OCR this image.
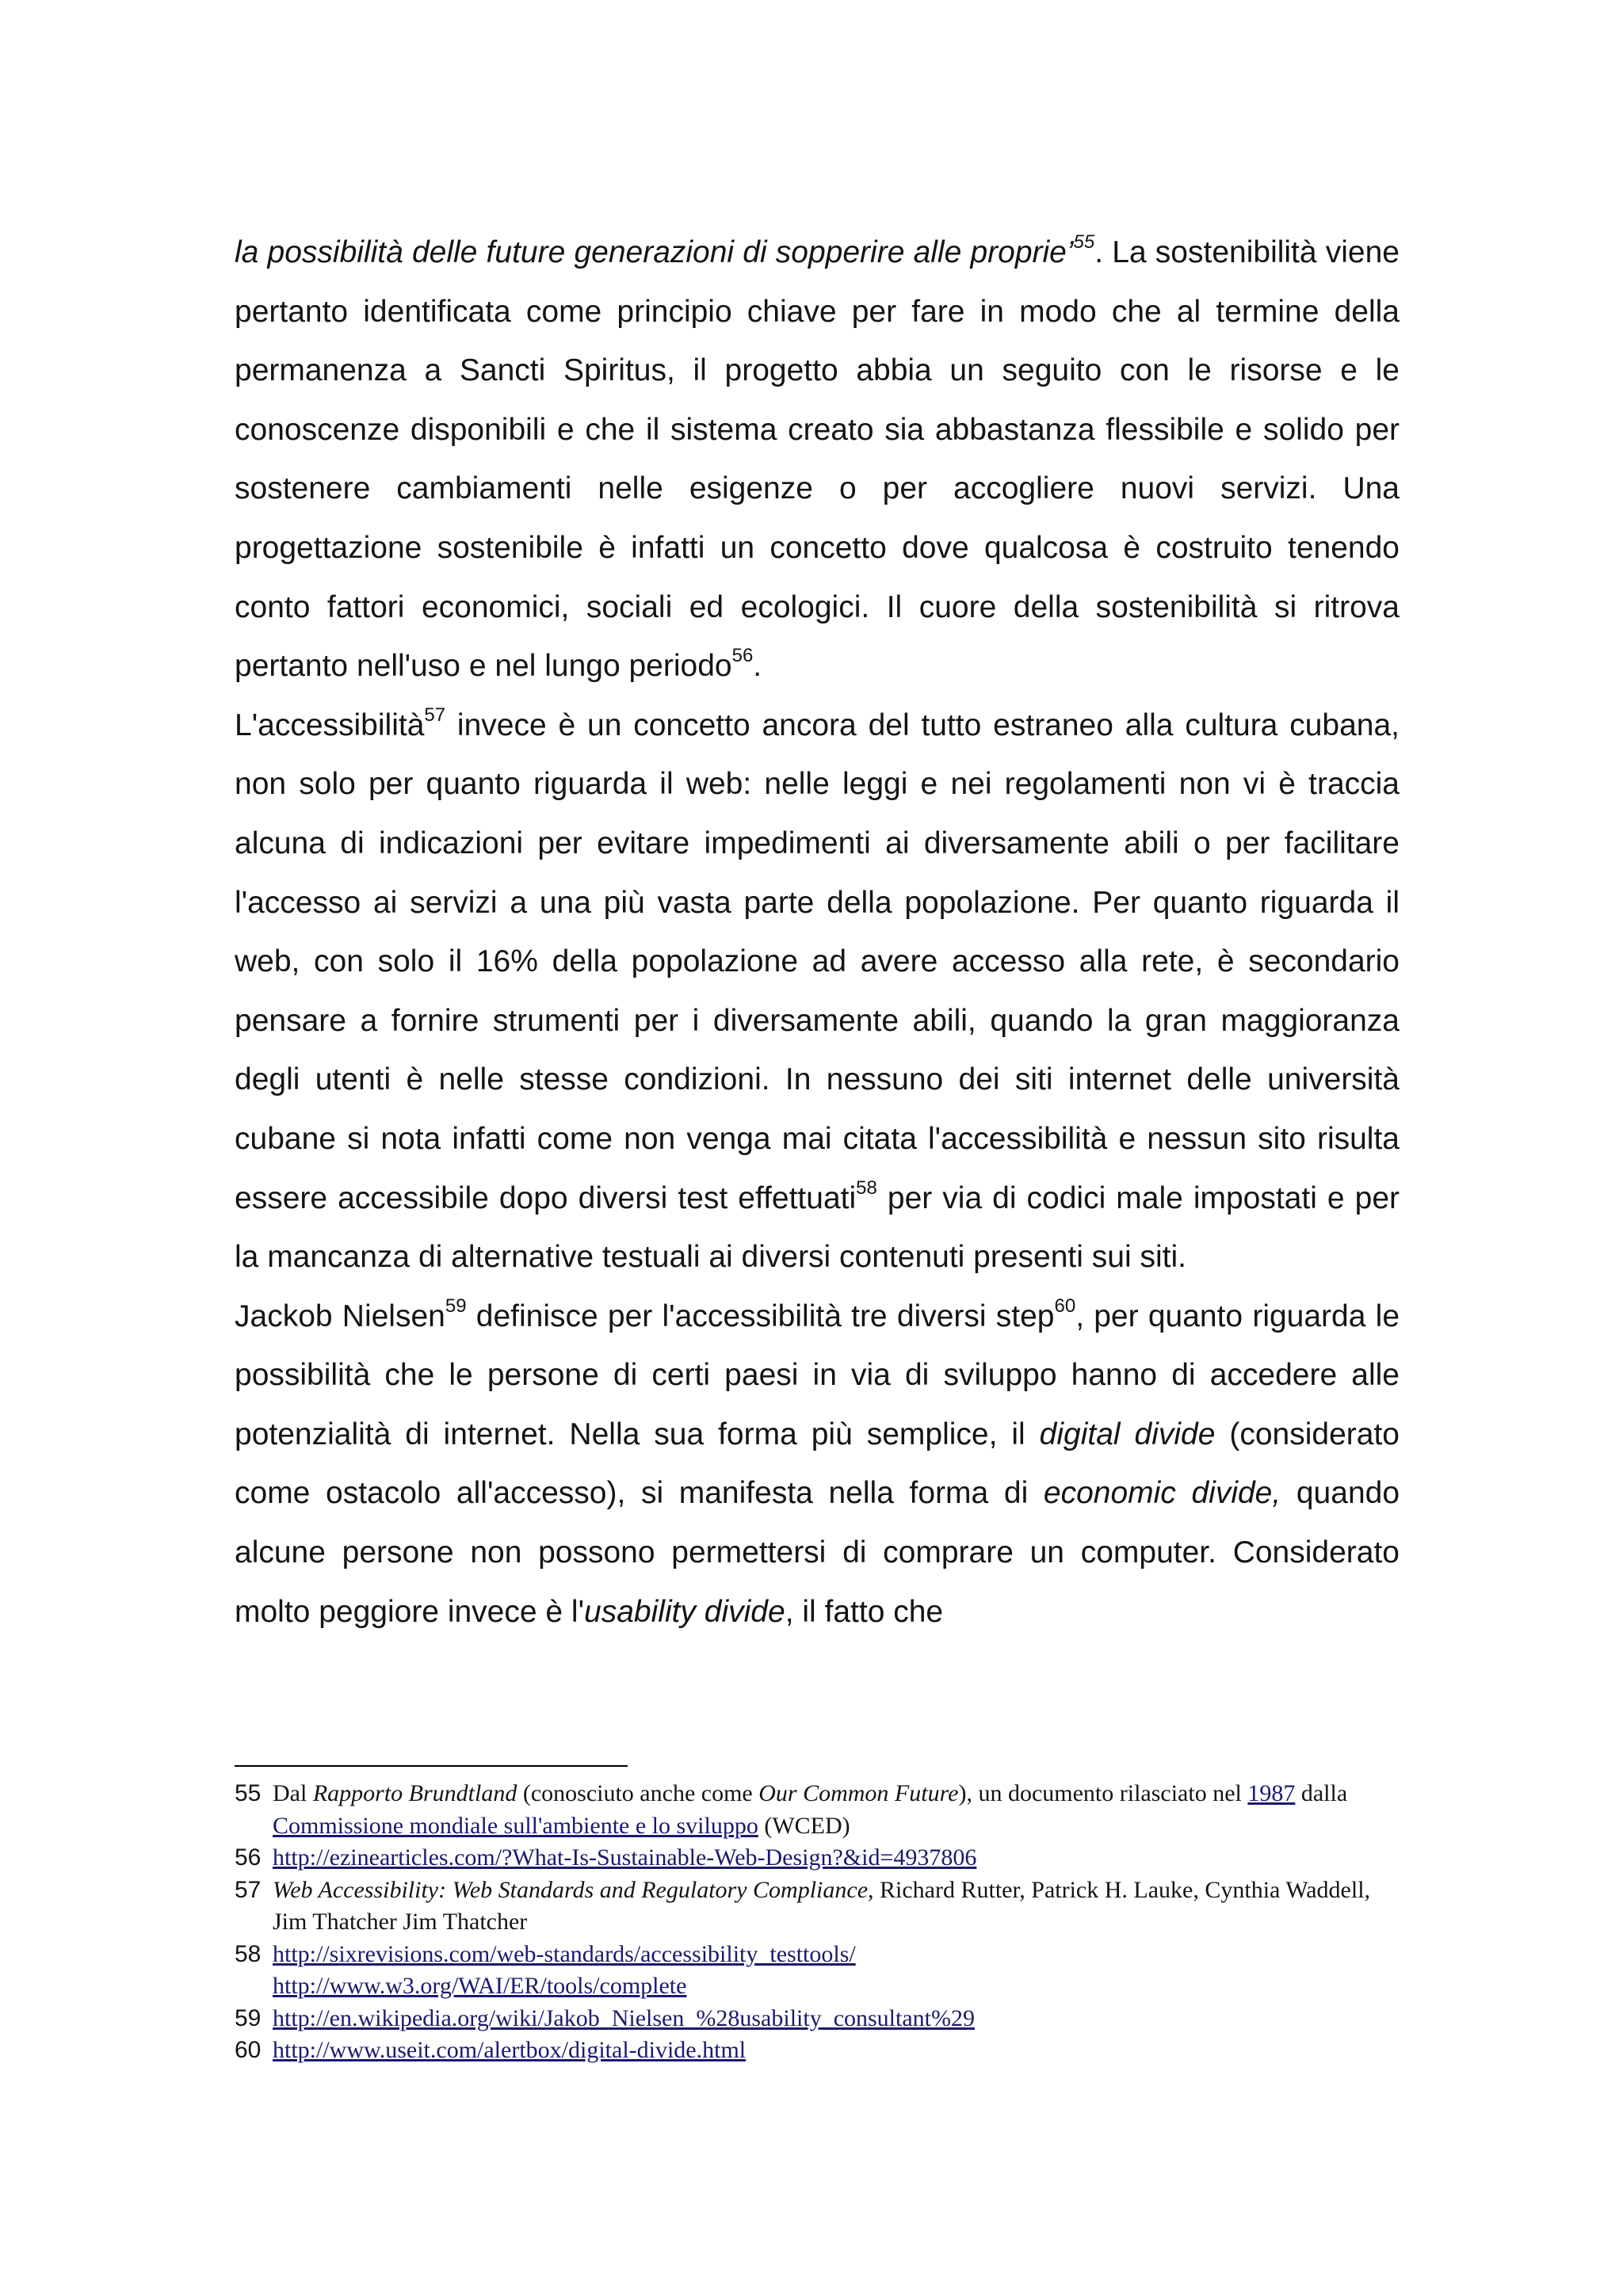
la possibilità delle future generazioni di sopperire alle proprie’$^{55}$. La sostenibilità viene pertanto identificata come principio chiave per fare in modo che al termine della permanenza a Sancti Spiritus, il progetto abbia un seguito con le risorse e le conoscenze disponibili e che il sistema creato sia abbastanza flessibile e solido per sostenere cambiamenti nelle esigenze o per accogliere nuovi servizi. Una progettazione sostenibile è infatti un concetto dove qualcosa è costruito tenendo conto fattori economici, sociali ed ecologici. Il cuore della sostenibilità si ritrova pertanto nell'uso e nel lungo periodo$^{56}$.

L'accessibilità$^{57}$ invece è un concetto ancora del tutto estraneo alla cultura cubana, non solo per quanto riguarda il web: nelle leggi e nei regolamenti non vi è traccia alcuna di indicazioni per evitare impedimenti ai diversamente abili o per facilitare l'accesso ai servizi a una più vasta parte della popolazione. Per quanto riguarda il web, con solo il 16% della popolazione ad avere accesso alla rete, è secondario pensare a fornire strumenti per i diversamente abili, quando la gran maggioranza degli utenti è nelle stesse condizioni. In nessuno dei siti internet delle università cubane si nota infatti come non venga mai citata l'accessibilità e nessun sito risulta essere accessibile dopo diversi test effettuati$^{58}$ per via di codici male impostati e per la mancanza di alternative testuali ai diversi contenuti presenti sui siti.

Jackob Nielsen$^{59}$ definisce per l'accessibilità tre diversi step$^{60}$, per quanto riguarda le possibilità che le persone di certi paesi in via di sviluppo hanno di accedere alle potenzialità di internet. Nella sua forma più semplice, il digital divide (considerato come ostacolo all'accesso), si manifesta nella forma di economic divide, quando alcune persone non possono permettersi di comprare un computer. Considerato molto peggiore invece è l'usability divide, il fatto che

55 Dal Rapporto Brundtland (conosciuto anche come Our Common Future), un documento rilasciato nel 1987 dalla Commissione mondiale sull'ambiente e lo sviluppo (WCED)
56 http://ezinearticles.com/?What-Is-Sustainable-Web-Design?&id=4937806
57 Web Accessibility: Web Standards and Regulatory Compliance, Richard Rutter, Patrick H. Lauke, Cynthia Waddell, Jim Thatcher Jim Thatcher
58 http://sixrevisions.com/web-standards/accessibility_testtools/
http://www.w3.org/WAI/ER/tools/complete
59 http://en.wikipedia.org/wiki/Jakob_Nielsen_%28usability_consultant%29
60 http://www.useit.com/alertbox/digital-divide.html
